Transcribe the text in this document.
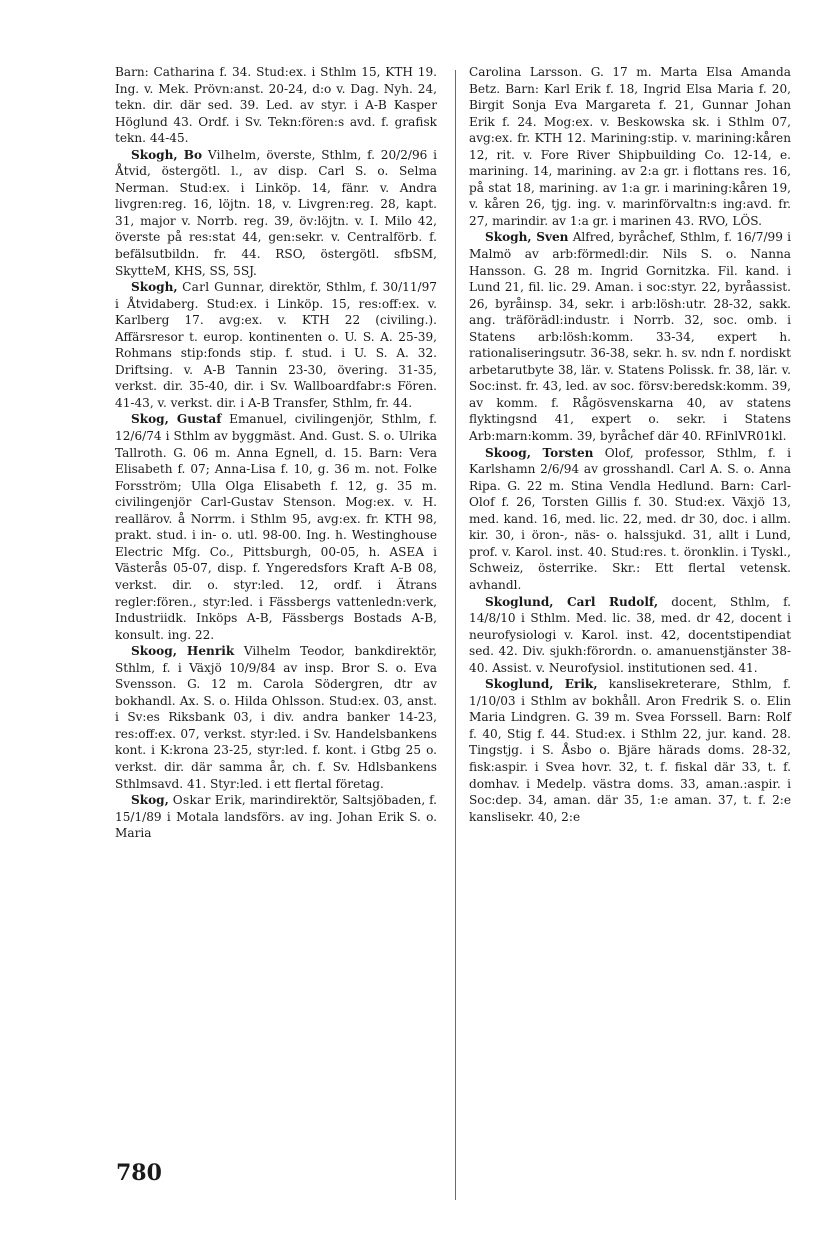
Barn: Catharina f. 34. Stud:ex. i Sthlm 15, KTH 19. Ing. v. Mek. Prövn:anst. 20-24, d:o v. Dag. Nyh. 24, tekn. dir. där sed. 39. Led. av styr. i A-B Kasper Höglund 43. Ordf. i Sv. Tekn:fören:s avd. f. grafisk tekn. 44-45.

Skogh, Bo Vilhelm, överste, Sthlm, f. 20/2/96 i Åtvid, östergötl. l., av disp. Carl S. o. Selma Nerman. Stud:ex. i Linköp. 14, fänr. v. Andra livgren:reg. 16, löjtn. 18, v. Livgren:reg. 28, kapt. 31, major v. Norrb. reg. 39, öv:löjtn. v. I. Milo 42, överste på res:stat 44, gen:sekr. v. Centralförb. f. befälsutbildn. fr. 44. RSO, östergötl. sfbSM, SkytteM, KHS, SS, 5SJ.

Skogh, Carl Gunnar, direktör, Sthlm, f. 30/11/97 i Åtvidaberg. Stud:ex. i Linköp. 15, res:off:ex. v. Karlberg 17. avg:ex. v. KTH 22 (civiling.). Affärsresor t. europ. kontinenten o. U. S. A. 25-39, Rohmans stip:fonds stip. f. stud. i U. S. A. 32. Driftsing. v. A-B Tannin 23-30, övering. 31-35, verkst. dir. 35-40, dir. i Sv. Wallboardfabr:s Fören. 41-43, v. verkst. dir. i A-B Transfer, Sthlm, fr. 44.

Skog, Gustaf Emanuel, civilingenjör, Sthlm, f. 12/6/74 i Sthlm av byggmäst. And. Gust. S. o. Ulrika Tallroth. G. 06 m. Anna Egnell, d. 15. Barn: Vera Elisabeth f. 07; Anna-Lisa f. 10, g. 36 m. not. Folke Forsström; Ulla Olga Elisabeth f. 12, g. 35 m. civilingenjör Carl-Gustav Stenson. Mog:ex. v. H. reallärov. å Norrm. i Sthlm 95, avg:ex. fr. KTH 98, prakt. stud. i in- o. utl. 98-00. Ing. h. Westinghouse Electric Mfg. Co., Pittsburgh, 00-05, h. ASEA i Västerås 05-07, disp. f. Yngeredsfors Kraft A-B 08, verkst. dir. o. styr:led. 12, ordf. i Ätrans regler:fören., styr:led. i Fässbergs vattenledn:verk, Industriidk. Inköps A-B, Fässbergs Bostads A-B, konsult. ing. 22.

Skoog, Henrik Vilhelm Teodor, bankdirektör, Sthlm, f. i Växjö 10/9/84 av insp. Bror S. o. Eva Svensson. G. 12 m. Carola Södergren, dtr av bokhandl. Ax. S. o. Hilda Ohlsson. Stud:ex. 03, anst. i Sv:es Riksbank 03, i div. andra banker 14-23, res:off:ex. 07, verkst. styr:led. i Sv. Handelsbankens kont. i K:krona 23-25, styr:led. f. kont. i Gtbg 25 o. verkst. dir. där samma år, ch. f. Sv. Hdlsbankens Sthlmsavd. 41. Styr:led. i ett flertal företag.

Skog, Oskar Erik, marindirektör, Saltsjöbaden, f. 15/1/89 i Motala landsförs. av ing. Johan Erik S. o. Maria

Carolina Larsson. G. 17 m. Marta Elsa Amanda Betz. Barn: Karl Erik f. 18, Ingrid Elsa Maria f. 20, Birgit Sonja Eva Margareta f. 21, Gunnar Johan Erik f. 24. Mog:ex. v. Beskowska sk. i Sthlm 07, avg:ex. fr. KTH 12. Marining:stip. v. marining:kåren 12, rit. v. Fore River Shipbuilding Co. 12-14, e. marining. 14, marining. av 2:a gr. i flottans res. 16, på stat 18, marining. av 1:a gr. i marining:kåren 19, v. kåren 26, tjg. ing. v. marinförvaltn:s ing:avd. fr. 27, marindir. av 1:a gr. i marinen 43. RVO, LÖS.

Skogh, Sven Alfred, byråchef, Sthlm, f. 16/7/99 i Malmö av arb:förmedl:dir. Nils S. o. Nanna Hansson. G. 28 m. Ingrid Gornitzka. Fil. kand. i Lund 21, fil. lic. 29. Aman. i soc:styr. 22, byråassist. 26, byråinsp. 34, sekr. i arb:lösh:utr. 28-32, sakk. ang. träförädl:industr. i Norrb. 32, soc. omb. i Statens arb:lösh:komm. 33-34, expert h. rationaliseringsutr. 36-38, sekr. h. sv. ndn f. nordiskt arbetarutbyte 38, lär. v. Statens Polissk. fr. 38, lär. v. Soc:inst. fr. 43, led. av soc. försv:beredsk:komm. 39, av komm. f. Rågösvenskarna 40, av statens flyktingsnd 41, expert o. sekr. i Statens Arb:marn:komm. 39, byråchef där 40. RFinlVR01kl.

Skoog, Torsten Olof, professor, Sthlm, f. i Karlshamn 2/6/94 av grosshandl. Carl A. S. o. Anna Ripa. G. 22 m. Stina Vendla Hedlund. Barn: Carl-Olof f. 26, Torsten Gillis f. 30. Stud:ex. Växjö 13, med. kand. 16, med. lic. 22, med. dr 30, doc. i allm. kir. 30, i öron-, näs- o. halssjukd. 31, allt i Lund, prof. v. Karol. inst. 40. Stud:res. t. öronklin. i Tyskl., Schweiz, österrike. Skr.: Ett flertal vetensk. avhandl.

Skoglund, Carl Rudolf, docent, Sthlm, f. 14/8/10 i Sthlm. Med. lic. 38, med. dr 42, docent i neurofysiologi v. Karol. inst. 42, docentstipendiat sed. 42. Div. sjukh:förordn. o. amanuenstjänster 38-40. Assist. v. Neurofysiol. institutionen sed. 41.

Skoglund, Erik, kanslisekreterare, Sthlm, f. 1/10/03 i Sthlm av bokhåll. Aron Fredrik S. o. Elin Maria Lindgren. G. 39 m. Svea Forssell. Barn: Rolf f. 40, Stig f. 44. Stud:ex. i Sthlm 22, jur. kand. 28. Tingstjg. i S. Åsbo o. Bjäre härads doms. 28-32, fisk:aspir. i Svea hovr. 32, t. f. fiskal där 33, t. f. domhav. i Medelp. västra doms. 33, aman.:aspir. i Soc:dep. 34, aman. där 35, 1:e aman. 37, t. f. 2:e kanslisekr. 40, 2:e

780
